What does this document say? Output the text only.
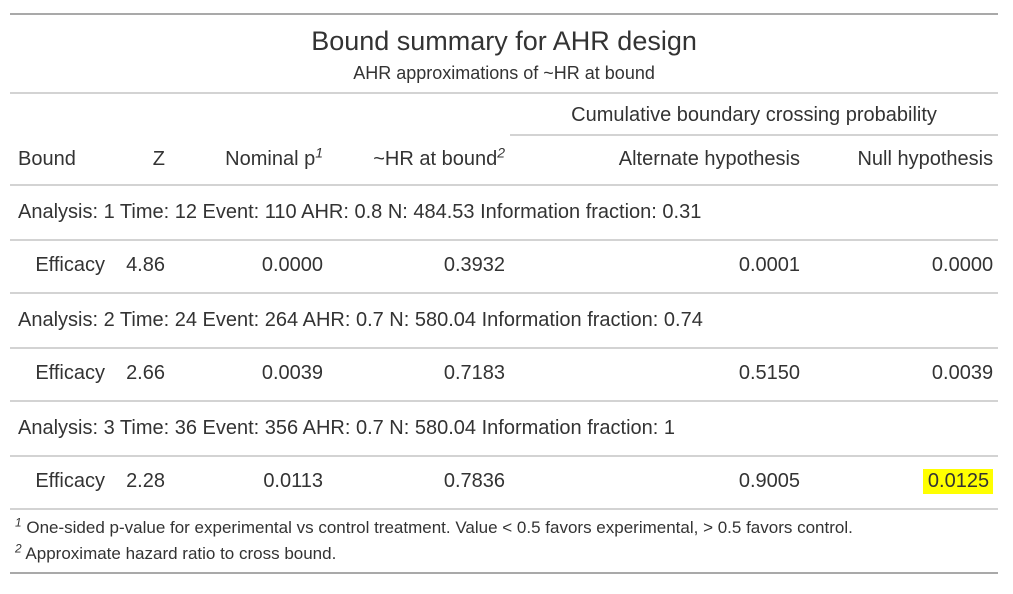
Bound summary for AHR design
AHR approximations of ~HR at bound					

				Cumulative boundary crossing probability	
Bound	Z	Nominal $p^1$	~HR at bound$^2$	Alternate hypothesis	Null hypothesis
Analysis: 1 Time: 12 Event: 110 AHR: 0.8 N: 484.53 Information fraction: 0.31					
Efficacy	4.86	0.0000	0.3932	0.0001	0.0000
Analysis: 2 Time: 24 Event: 264 AHR: 0.7 N: 580.04 Information fraction: 0.74					
Efficacy	2.66	0.0039	0.7183	0.5150	0.0039
Analysis: 3 Time: 36 Event: 356 AHR: 0.7 N: 580.04 Information fraction: 1					
Efficacy	2.28	0.0113	0.7836	0.9005	0.0125
$^1$ One-sided p-value for experimental vs control treatment. Value < 0.5 favors experimental, > 0.5 favors control.					
$^2$ Approximate hazard ratio to cross bound.					
